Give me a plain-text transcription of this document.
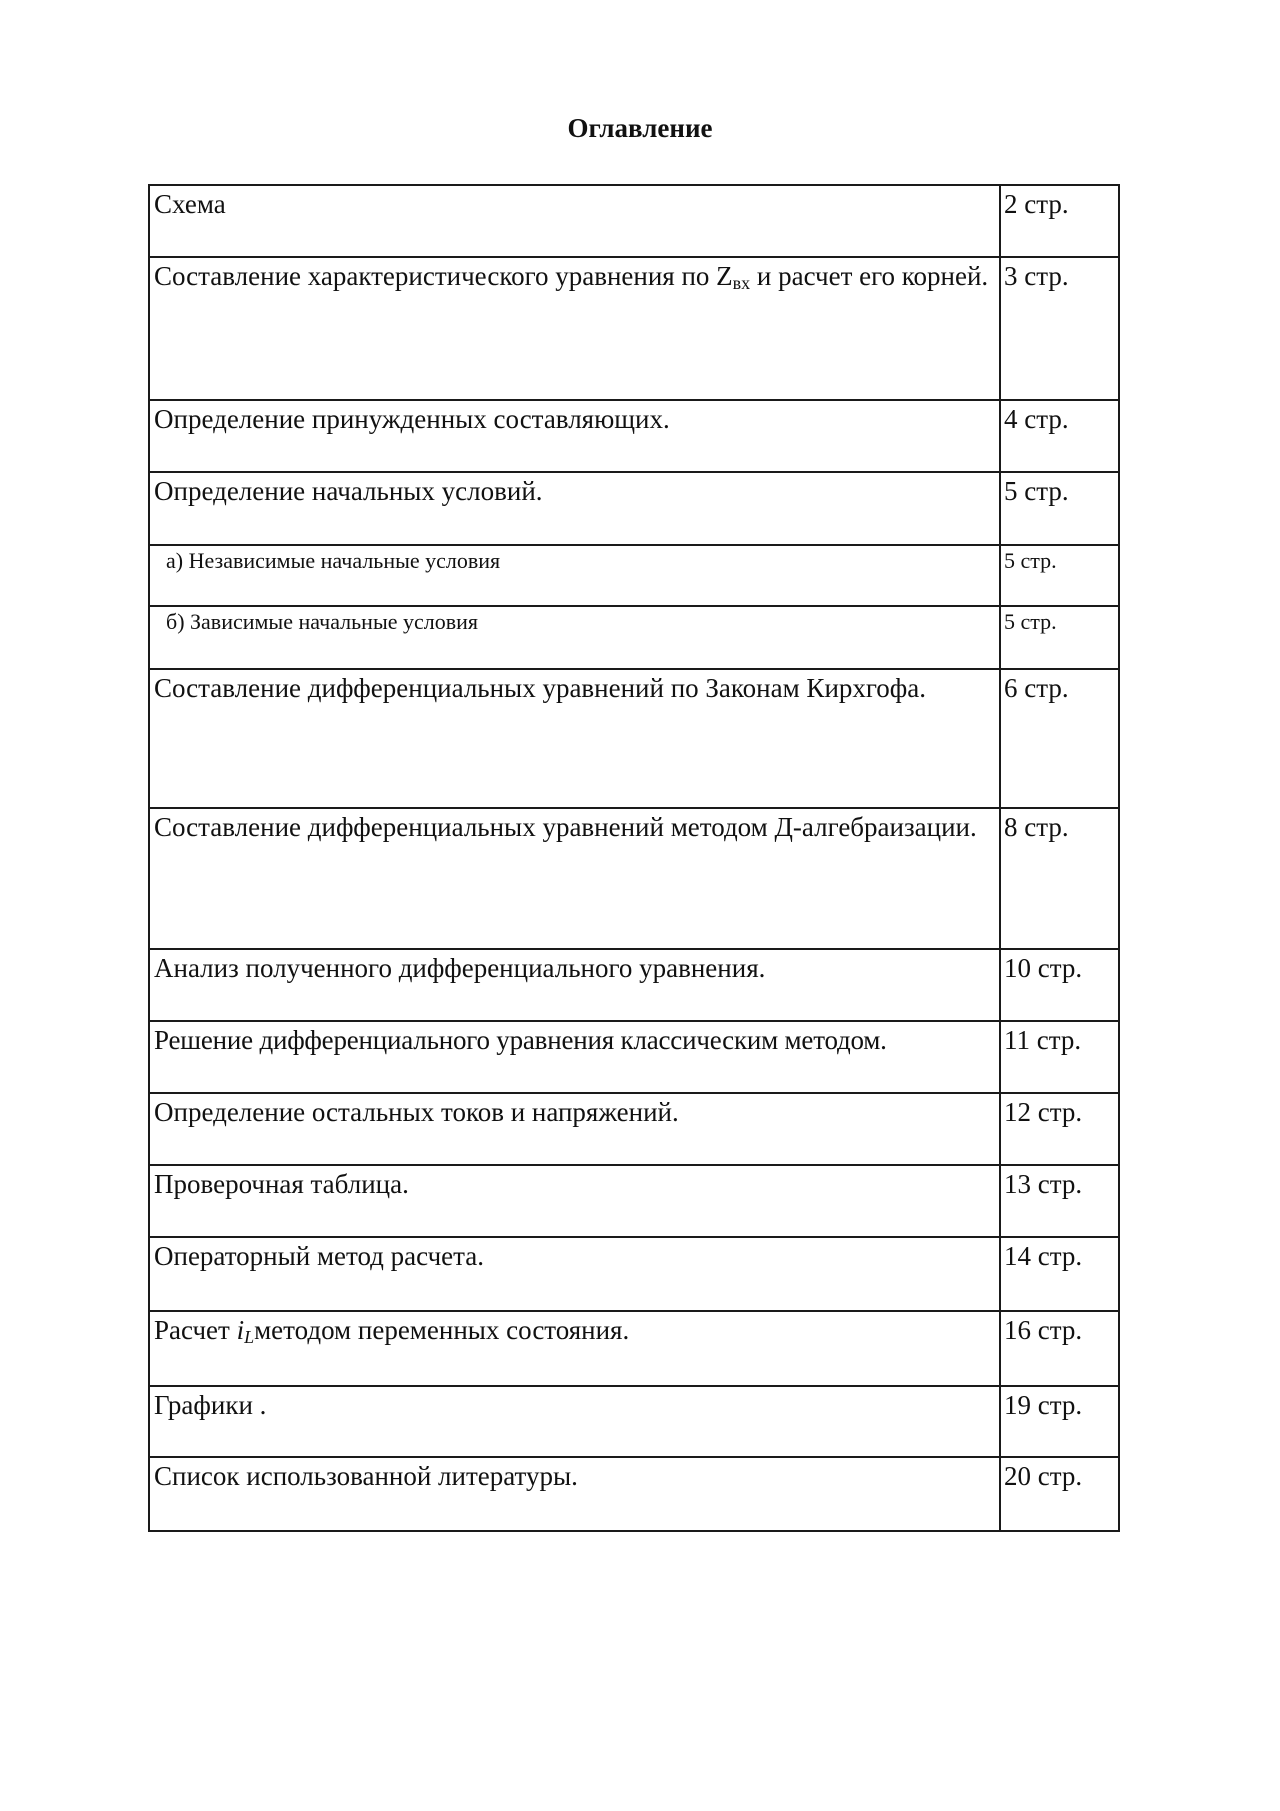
Оглавление
Схема	2 стр.

Составление характеристического уравнения по $Z_{вх}$ и расчет его корней.	3 стр.

Определение принужденных составляющих.	4 стр.

Определение начальных условий.	5 стр.

а) Независимые начальные условия	5 стр.

б) Зависимые начальные условия	5 стр.

Составление дифференциальных уравнений по Законам Кирхгофа.	6 стр.

Составление дифференциальных уравнений методом Д-алгебраизации.	8 стр.

Анализ полученного дифференциального уравнения.	10 стр.

Решение дифференциального уравнения классическим методом.	11 стр.

Определение остальных токов и напряжений.	12 стр.

Проверочная таблица.	13 стр.

Операторный метод расчета.	14 стр.

Расчет $i_Lметодом$ переменных состояния.	16 стр.

Графики .	19 стр.

Список использованной литературы.	20 стр.
